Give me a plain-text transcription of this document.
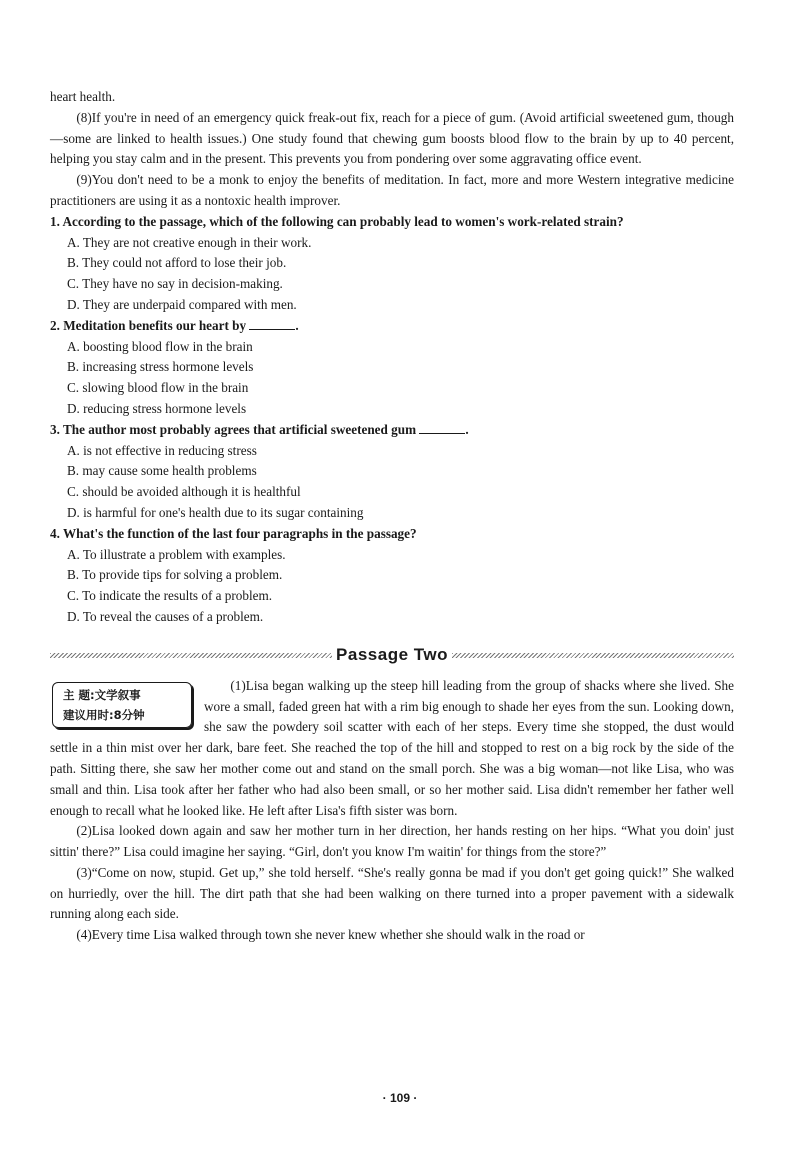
heart health.

(8)If you're in need of an emergency quick freak-out fix, reach for a piece of gum. (Avoid artificial sweetened gum, though—some are linked to health issues.) One study found that chewing gum boosts blood flow to the brain by up to 40 percent, helping you stay calm and in the present. This prevents you from pondering over some aggravating office event.

(9)You don't need to be a monk to enjoy the benefits of meditation. In fact, more and more Western integrative medicine practitioners are using it as a nontoxic health improver.

1. According to the passage, which of the following can probably lead to women's work-related strain?

A. They are not creative enough in their work.

B. They could not afford to lose their job.

C. They have no say in decision-making.

D. They are underpaid compared with men.

2. Meditation benefits our heart by	.

A. boosting blood flow in the brain

B. increasing stress hormone levels

C. slowing blood flow in the brain

D. reducing stress hormone levels

3. The author most probably agrees that artificial sweetened gum	.

A. is not effective in reducing stress

B. may cause some health problems

C. should be avoided although it is healthful

D. is harmful for one's health due to its sugar containing

4. What's the function of the last four paragraphs in the passage?

A. To illustrate a problem with examples.

B. To provide tips for solving a problem.

C. To indicate the results of a problem.

D. To reveal the causes of a problem.

Passage Two
主 题:文学叙事
建议用时:8分钟

(1)Lisa began walking up the steep hill leading from the group of shacks where she lived. She wore a small, faded green hat with a rim big enough to shade her eyes from the sun. Looking down, she saw the powdery soil scatter with each of her steps. Every time she stopped, the dust would settle in a thin mist over her dark, bare feet. She reached the top of the hill and stopped to rest on a big rock by the side of the path. Sitting there, she saw her mother come out and stand on the small porch. She was a big woman—not like Lisa, who was small and thin. Lisa took after her father who had also been small, or so her mother said. Lisa didn't remember her father well enough to recall what he looked like. He left after Lisa's fifth sister was born.

(2)Lisa looked down again and saw her mother turn in her direction, her hands resting on her hips. “What you doin' just sittin' there?” Lisa could imagine her saying. “Girl, don't you know I'm waitin' for things from the store?”

(3)“Come on now, stupid. Get up,” she told herself. “She's really gonna be mad if you don't get going quick!” She walked on hurriedly, over the hill. The dirt path that she had been walking on there turned into a proper pavement with a sidewalk running along each side.

(4)Every time Lisa walked through town she never knew whether she should walk in the road or

· 109 ·
